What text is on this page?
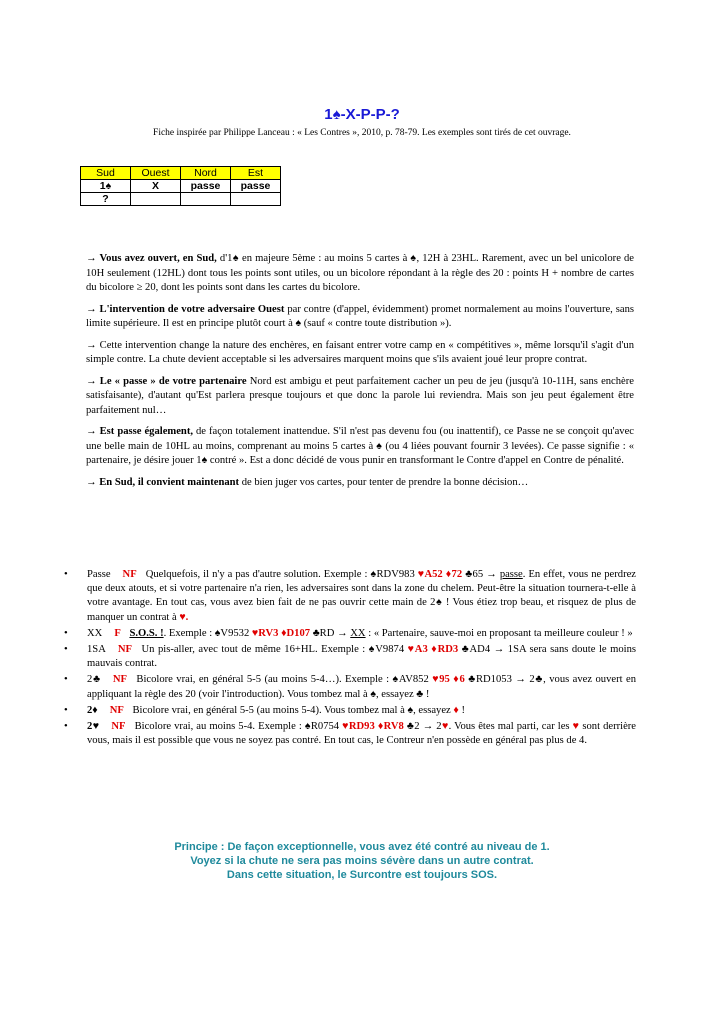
1♠-X-P-P-?
Fiche inspirée par Philippe Lanceau : « Les Contres », 2010, p. 78-79. Les exemples sont tirés de cet ouvrage.
Sud	Ouest	Nord	Est
1♠	X	passe	passe
?			

→ Vous avez ouvert, en Sud, d'1♠ en majeure 5ème : au moins 5 cartes à ♠, 12H à 23HL. Rarement, avec un bel unicolore de 10H seulement (12HL) dont tous les points sont utiles, ou un bicolore répondant à la règle des 20 : points H + nombre de cartes du bicolore ≥ 20, dont les points sont dans les cartes du bicolore.

→ L'intervention de votre adversaire Ouest par contre (d'appel, évidemment) promet normalement au moins l'ouverture, sans limite supérieure. Il est en principe plutôt court à ♠ (sauf « contre toute distribution »).

→ Cette intervention change la nature des enchères, en faisant entrer votre camp en « compétitives », même lorsqu'il s'agit d'un simple contre. La chute devient acceptable si les adversaires marquent moins que s'ils avaient joué leur propre contrat.

→ Le « passe » de votre partenaire Nord est ambigu et peut parfaitement cacher un peu de jeu (jusqu'à 10-11H, sans enchère satisfaisante), d'autant qu'Est parlera presque toujours et que donc la parole lui reviendra. Mais son jeu peut également être parfaitement nul…

→ Est passe également, de façon totalement inattendue. S'il n'est pas devenu fou (ou inattentif), ce Passe ne se conçoit qu'avec une belle main de 10HL au moins, comprenant au moins 5 cartes à ♠ (ou 4 liées pouvant fournir 3 levées). Ce passe signifie : « partenaire, je désire jouer 1♠ contré ». Est a donc décidé de vous punir en transformant le Contre d'appel en Contre de pénalité.

→ En Sud, il convient maintenant de bien juger vos cartes, pour tenter de prendre la bonne décision…

• Passe NF Quelquefois, il n'y a pas d'autre solution. Exemple : ♠RDV983 ♥A52 ♦72 ♣65 → passe. En effet, vous ne perdrez que deux atouts, et si votre partenaire n'a rien, les adversaires sont dans la zone du chelem. Peut-être la situation tournera-t-elle à votre avantage. En tout cas, vous avez bien fait de ne pas ouvrir cette main de 2♠ ! Vous étiez trop beau, et risquez de plus de manquer un contrat à ♥.
• XX F S.O.S. !. Exemple : ♠V9532 ♥RV3 ♦D107 ♣RD → XX : « Partenaire, sauve-moi en proposant ta meilleure couleur ! »
• 1SA NF Un pis-aller, avec tout de même 16+HL. Exemple : ♠V9874 ♥A3 ♦RD3 ♣AD4 → 1SA sera sans doute le moins mauvais contrat.
• 2♣ NF Bicolore vrai, en général 5-5 (au moins 5-4…). Exemple : ♠AV852 ♥95 ♦6 ♣RD1053 → 2♣, vous avez ouvert en appliquant la règle des 20 (voir l'introduction). Vous tombez mal à ♠, essayez ♣ !
• 2♦ NF Bicolore vrai, en général 5-5 (au moins 5-4). Vous tombez mal à ♠, essayez ♦ !
• 2♥ NF Bicolore vrai, au moins 5-4. Exemple : ♠R0754 ♥RD93 ♦RV8 ♣2 → 2♥. Vous êtes mal parti, car les ♥ sont derrière vous, mais il est possible que vous ne soyez pas contré. En tout cas, le Contreur n'en possède en général pas plus de 4.
Principe : De façon exceptionnelle, vous avez été contré au niveau de 1.
Voyez si la chute ne sera pas moins sévère dans un autre contrat.
Dans cette situation, le Surcontre est toujours SOS.
